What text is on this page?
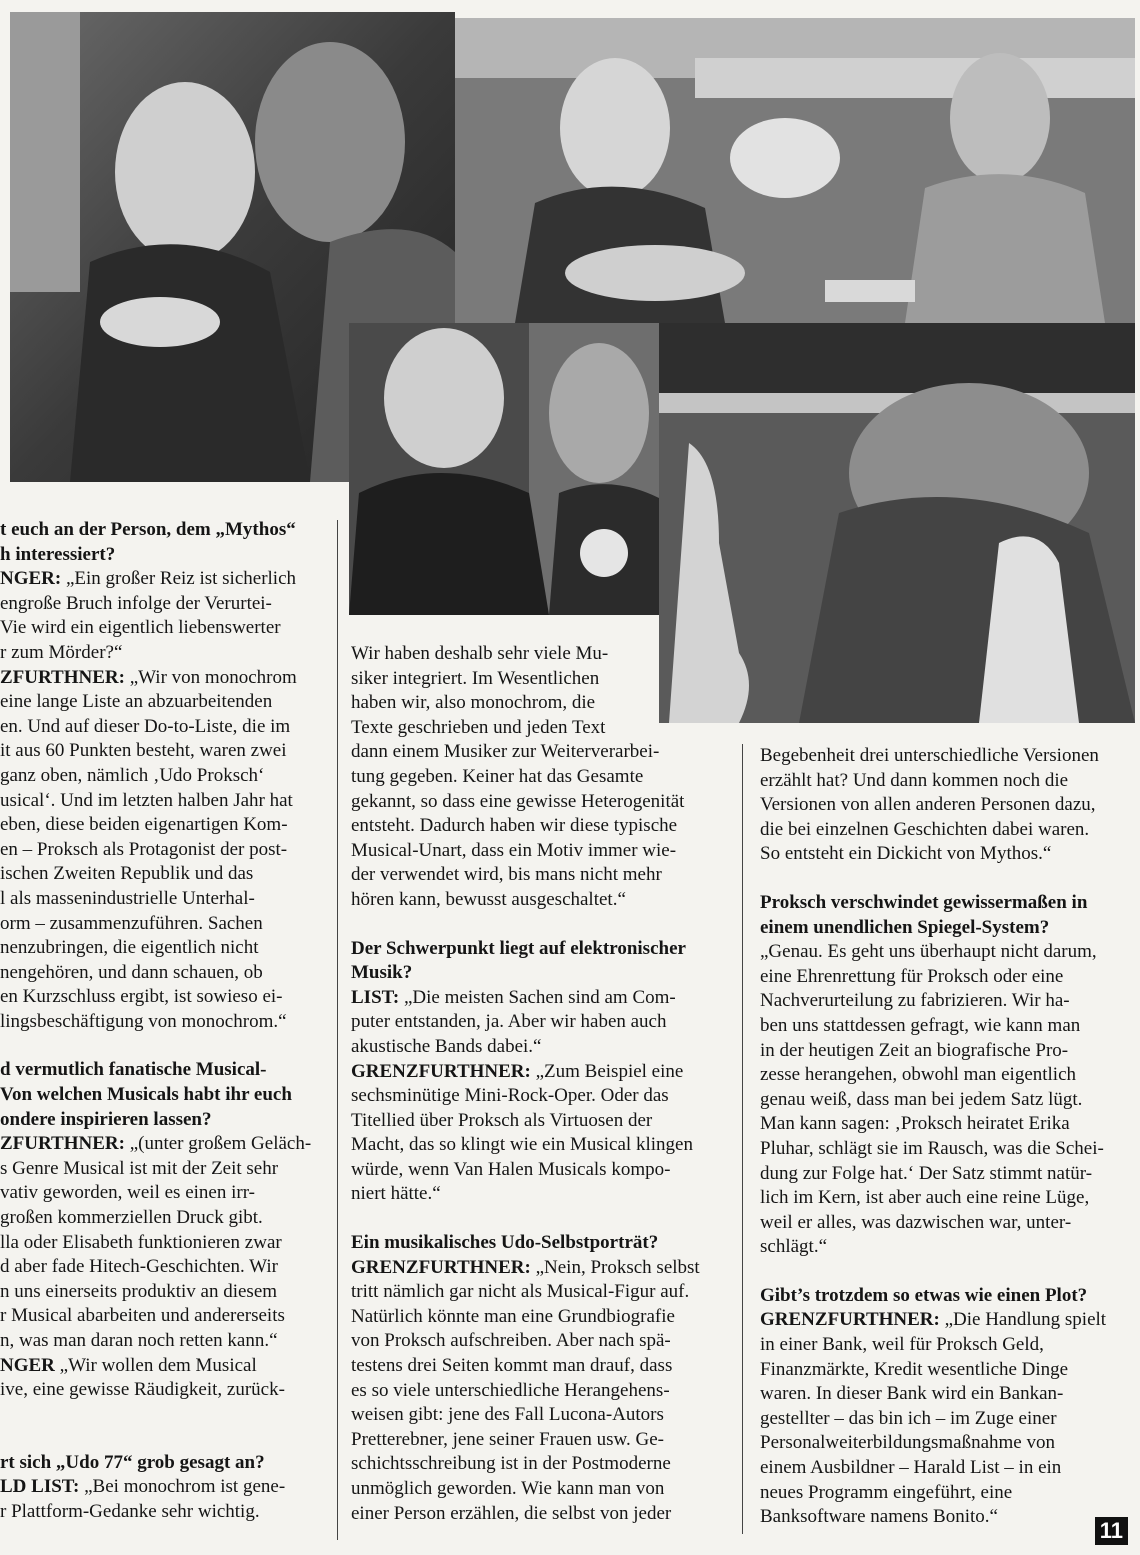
t euch an der Person, dem „Mythos“

h interessiert?

NGER: „Ein großer Reiz ist sicherlich

engroße Bruch infolge der Verurtei-

Vie wird ein eigentlich liebenswerter

r zum Mörder?“

ZFURTHNER: „Wir von monochrom

eine lange Liste an abzuarbeitenden

en. Und auf dieser Do-to-Liste, die im

it aus 60 Punkten besteht, waren zwei

ganz oben, nämlich ‚Udo Proksch‘

usical‘. Und im letzten halben Jahr hat

eben, diese beiden eigenartigen Kom-

en – Proksch als Protagonist der post-

ischen Zweiten Republik und das

l als massenindustrielle Unterhal-

orm – zusammenzuführen. Sachen

nenzubringen, die eigentlich nicht

nengehören, und dann schauen, ob

en Kurzschluss ergibt, ist sowieso ei-

lingsbeschäftigung von monochrom.“

d vermutlich fanatische Musical-

Von welchen Musicals habt ihr euch

ondere inspirieren lassen?

ZFURTHNER: „(unter großem Geläch-

s Genre Musical ist mit der Zeit sehr

vativ geworden, weil es einen irr-

großen kommerziellen Druck gibt.

lla oder Elisabeth funktionieren zwar

d aber fade Hitech-Geschichten. Wir

n uns einerseits produktiv an diesem

r Musical abarbeiten und andererseits

n, was man daran noch retten kann.“

NGER „Wir wollen dem Musical

ive, eine gewisse Räudigkeit, zurück-

rt sich „Udo 77“ grob gesagt an?

LD LIST: „Bei monochrom ist gene-

r Plattform-Gedanke sehr wichtig.

Wir haben deshalb sehr viele Mu-

siker integriert. Im Wesentlichen

haben wir, also monochrom, die

Texte geschrieben und jeden Text

dann einem Musiker zur Weiterverarbei-

tung gegeben. Keiner hat das Gesamte

gekannt, so dass eine gewisse Heterogenität

entsteht. Dadurch haben wir diese typische

Musical-Unart, dass ein Motiv immer wie-

der verwendet wird, bis mans nicht mehr

hören kann, bewusst ausgeschaltet.“

Der Schwerpunkt liegt auf elektronischer

Musik?

LIST: „Die meisten Sachen sind am Com-

puter entstanden, ja. Aber wir haben auch

akustische Bands dabei.“

GRENZFURTHNER: „Zum Beispiel eine

sechsminütige Mini-Rock-Oper. Oder das

Titellied über Proksch als Virtuosen der

Macht, das so klingt wie ein Musical klingen

würde, wenn Van Halen Musicals kompo-

niert hätte.“

Ein musikalisches Udo-Selbstporträt?

GRENZFURTHNER: „Nein, Proksch selbst

tritt nämlich gar nicht als Musical-Figur auf.

Natürlich könnte man eine Grundbiografie

von Proksch aufschreiben. Aber nach spä-

testens drei Seiten kommt man drauf, dass

es so viele unterschiedliche Herangehens-

weisen gibt: jene des Fall Lucona-Autors

Pretterebner, jene seiner Frauen usw. Ge-

schichtsschreibung ist in der Postmoderne

unmöglich geworden. Wie kann man von

einer Person erzählen, die selbst von jeder

Begebenheit drei unterschiedliche Versionen

erzählt hat? Und dann kommen noch die

Versionen von allen anderen Personen dazu,

die bei einzelnen Geschichten dabei waren.

So entsteht ein Dickicht von Mythos.“

Proksch verschwindet gewissermaßen in

einem unendlichen Spiegel-System?

„Genau. Es geht uns überhaupt nicht darum,

eine Ehrenrettung für Proksch oder eine

Nachverurteilung zu fabrizieren. Wir ha-

ben uns stattdessen gefragt, wie kann man

in der heutigen Zeit an biografische Pro-

zesse herangehen, obwohl man eigentlich

genau weiß, dass man bei jedem Satz lügt.

Man kann sagen: ‚Proksch heiratet Erika

Pluhar, schlägt sie im Rausch, was die Schei-

dung zur Folge hat.‘ Der Satz stimmt natür-

lich im Kern, ist aber auch eine reine Lüge,

weil er alles, was dazwischen war, unter-

schlägt.“

Gibt’s trotzdem so etwas wie einen Plot?

GRENZFURTHNER: „Die Handlung spielt

in einer Bank, weil für Proksch Geld,

Finanzmärkte, Kredit wesentliche Dinge

waren. In dieser Bank wird ein Bankan-

gestellter – das bin ich – im Zuge einer

Personalweiterbildungsmaßnahme von

einem Ausbildner – Harald List – in ein

neues Programm eingeführt, eine

Banksoftware namens Bonito.“

11
